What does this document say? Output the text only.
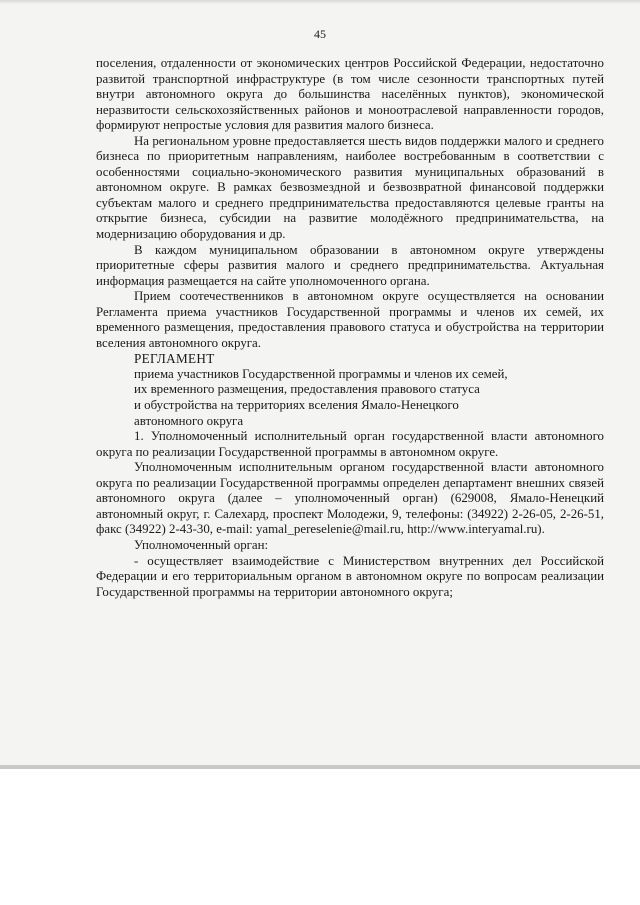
45

поселения, отдаленности от экономических центров Российской Федерации, недостаточно развитой транспортной инфраструктуре (в том числе сезонности транспортных путей внутри автономного округа до большинства населённых пунктов), экономической неразвитости сельскохозяйственных районов и моноотраслевой направленности городов, формируют непростые условия для развития малого бизнеса.

На региональном уровне предоставляется шесть видов поддержки малого и среднего бизнеса по приоритетным направлениям, наиболее востребованным в соответствии с особенностями социально-экономического развития муниципальных образований в автономном округе. В рамках безвозмездной и безвозвратной финансовой поддержки субъектам малого и среднего предпринимательства предоставляются целевые гранты на открытие бизнеса, субсидии на развитие молодёжного предпринимательства, на модернизацию оборудования и др.

В каждом муниципальном образовании в автономном округе утверждены приоритетные сферы развития малого и среднего предпринимательства. Актуальная информация размещается на сайте уполномоченного органа.

Прием соотечественников в автономном округе осуществляется на основании Регламента приема участников Государственной программы и членов их семей, их временного размещения, предоставления правового статуса и обустройства на территории вселения автономного округа.

РЕГЛАМЕНТ

приема участников Государственной программы и членов их семей,
их временного размещения, предоставления правового статуса
и обустройства на территориях вселения Ямало-Ненецкого
автономного округа

1. Уполномоченный исполнительный орган государственной власти автономного округа по реализации Государственной программы в автономном округе.

Уполномоченным исполнительным органом государственной власти автономного округа по реализации Государственной программы определен департамент внешних связей автономного округа (далее – уполномоченный орган) (629008, Ямало-Ненецкий автономный округ, г. Салехард, проспект Молодежи, 9, телефоны: (34922) 2-26-05, 2-26-51, факс (34922) 2-43-30, e-mail: yamal_pereselenie@mail.ru, http://www.interyamal.ru).

Уполномоченный орган:

- осуществляет взаимодействие с Министерством внутренних дел Российской Федерации и его территориальным органом в автономном округе по вопросам реализации Государственной программы на территории автономного округа;
